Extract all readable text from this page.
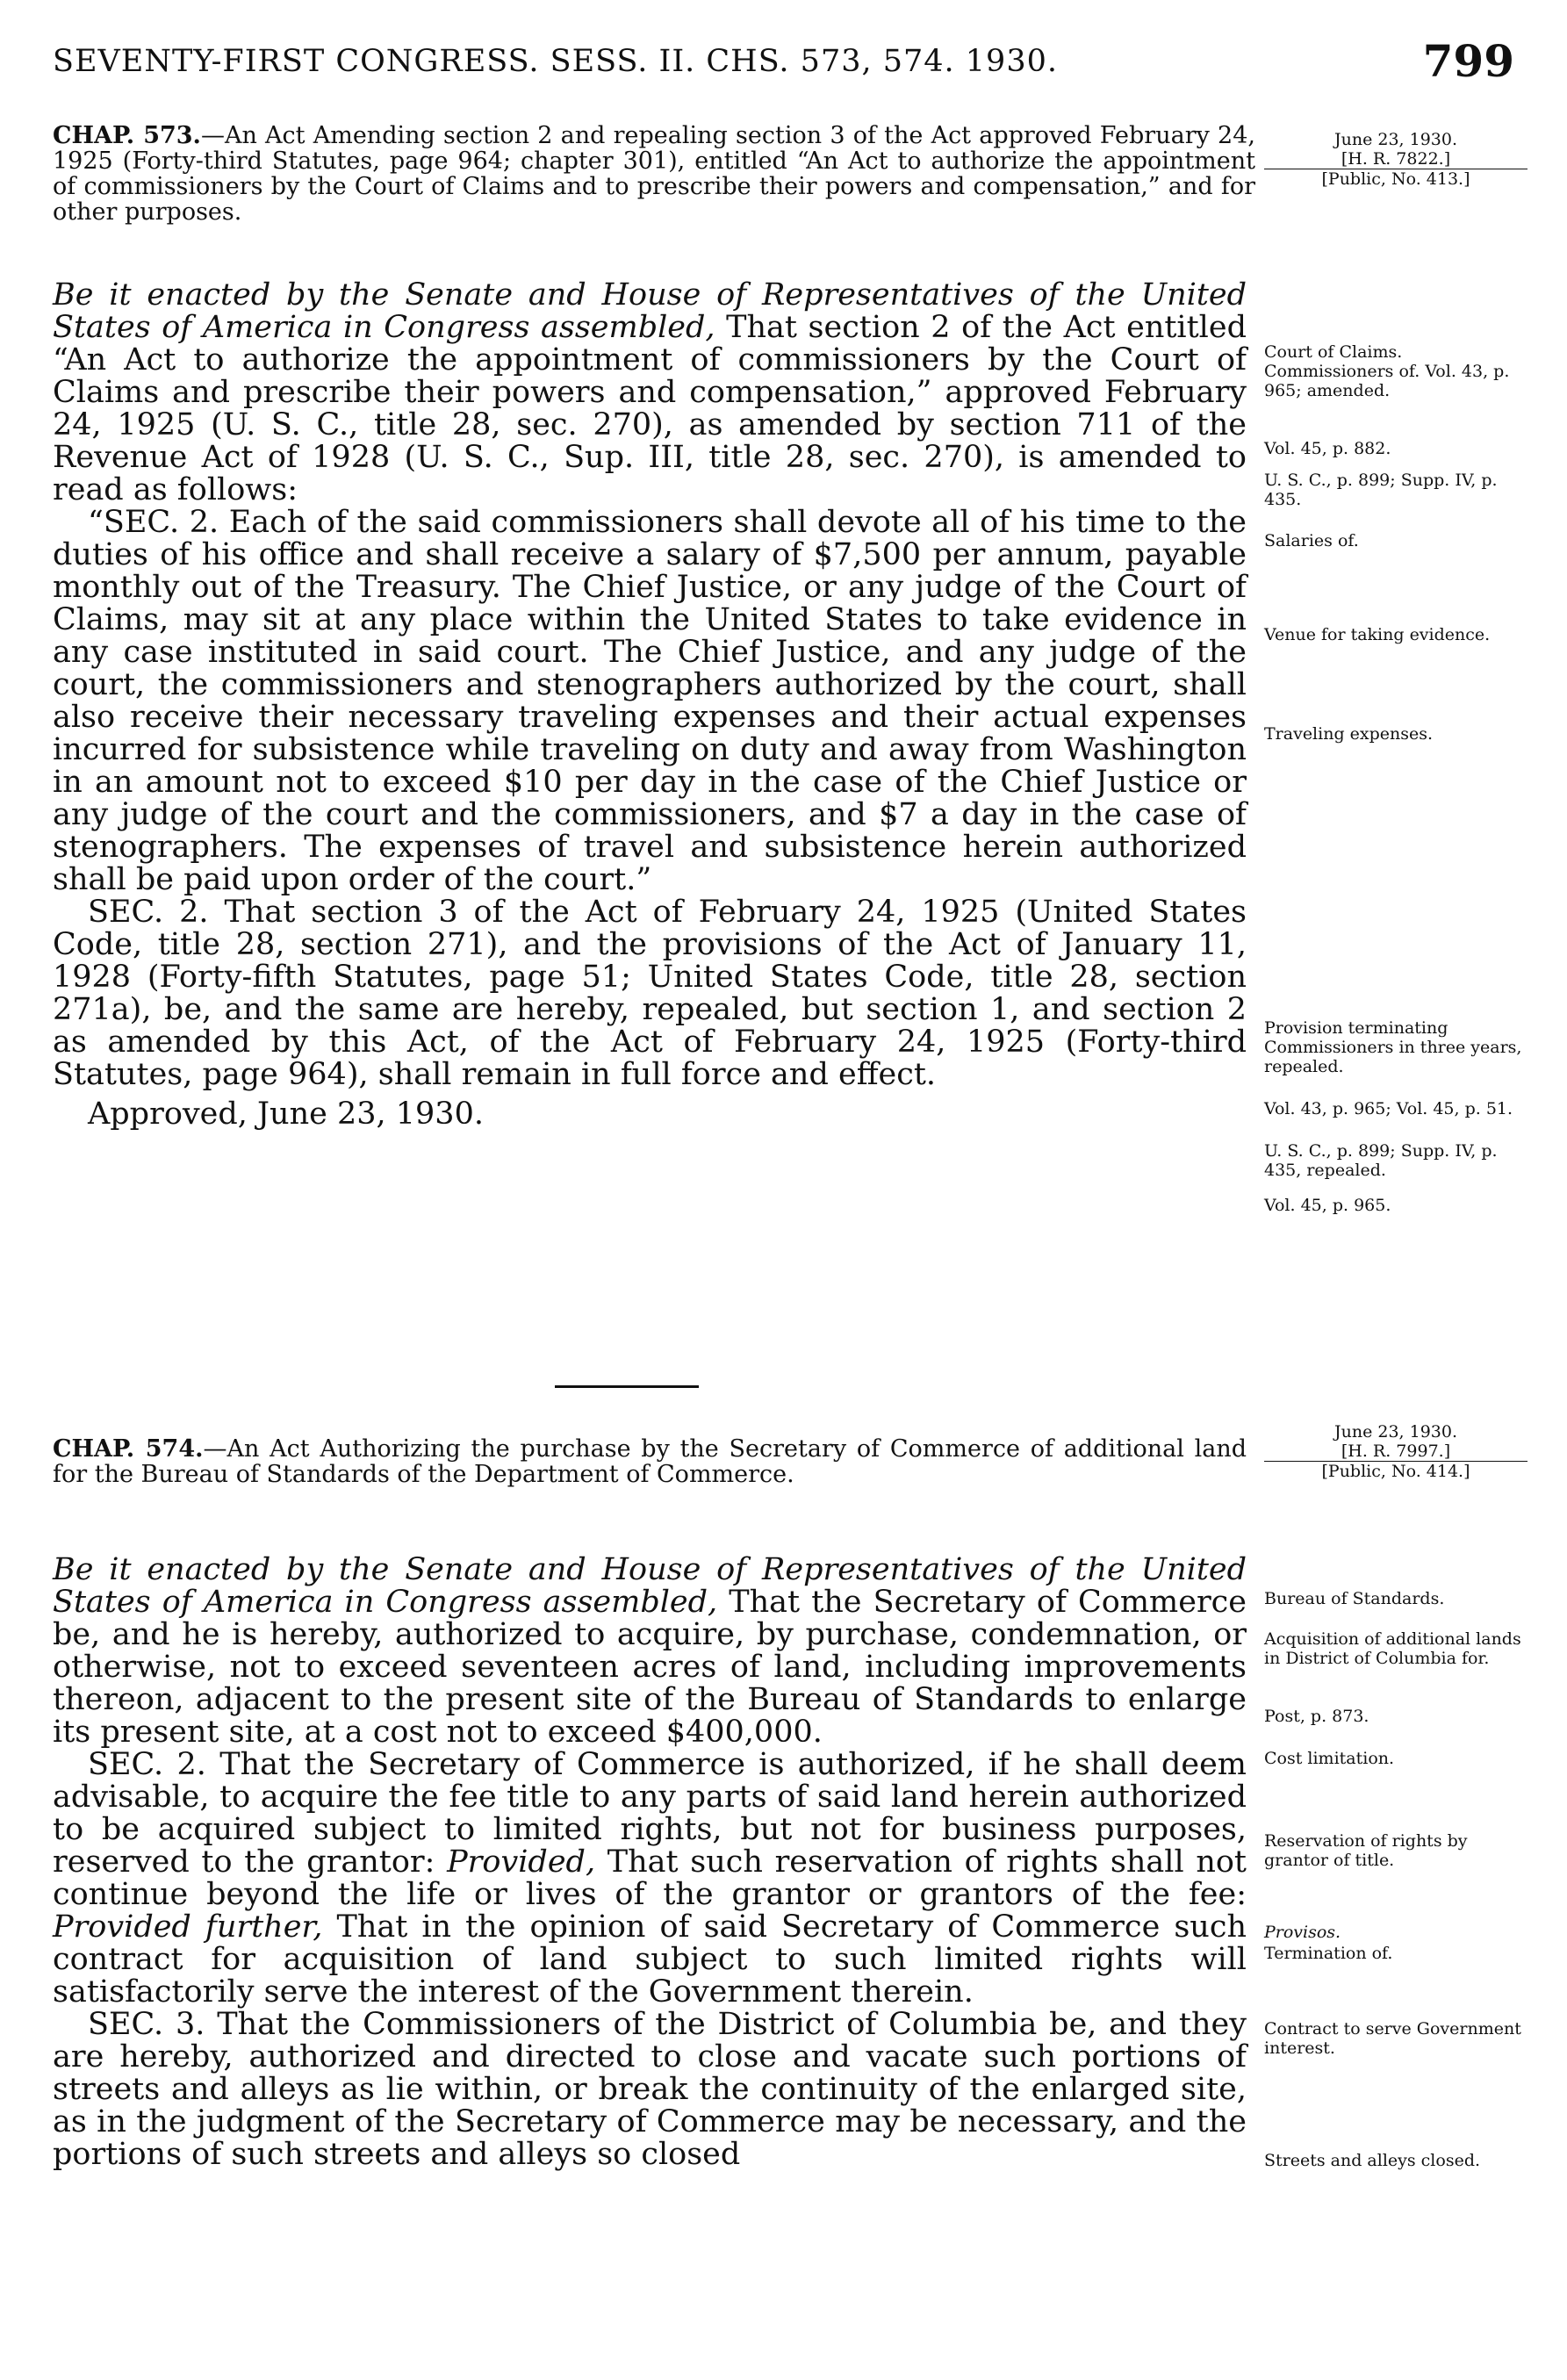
SEVENTY-FIRST CONGRESS. SESS. II. CHS. 573, 574. 1930.	799
CHAP. 573.—An Act Amending section 2 and repealing section 3 of the Act approved February 24, 1925 (Forty-third Statutes, page 964; chapter 301), entitled “An Act to authorize the appointment of commissioners by the Court of Claims and to prescribe their powers and compensation,” and for other purposes.
June 23, 1930.
[H. R. 7822.]
[Public, No. 413.]

Be it enacted by the Senate and House of Representatives of the United States of America in Congress assembled, That section 2 of the Act entitled “An Act to authorize the appointment of commissioners by the Court of Claims and prescribe their powers and compensation,” approved February 24, 1925 (U. S. C., title 28, sec. 270), as amended by section 711 of the Revenue Act of 1928 (U. S. C., Sup. III, title 28, sec. 270), is amended to read as follows:

“SEC. 2. Each of the said commissioners shall devote all of his time to the duties of his office and shall receive a salary of $7,500 per annum, payable monthly out of the Treasury. The Chief Justice, or any judge of the Court of Claims, may sit at any place within the United States to take evidence in any case instituted in said court. The Chief Justice, and any judge of the court, the commissioners and stenographers authorized by the court, shall also receive their necessary traveling expenses and their actual expenses incurred for subsistence while traveling on duty and away from Washington in an amount not to exceed $10 per day in the case of the Chief Justice or any judge of the court and the commissioners, and $7 a day in the case of stenographers. The expenses of travel and subsistence herein authorized shall be paid upon order of the court.”

SEC. 2. That section 3 of the Act of February 24, 1925 (United States Code, title 28, section 271), and the provisions of the Act of January 11, 1928 (Forty-fifth Statutes, page 51; United States Code, title 28, section 271a), be, and the same are hereby, repealed, but section 1, and section 2 as amended by this Act, of the Act of February 24, 1925 (Forty-third Statutes, page 964), shall remain in full force and effect.

Approved, June 23, 1930.

Court of Claims.
Commissioners of. Vol. 43, p. 965; amended.
Vol. 45, p. 882.
U. S. C., p. 899; Supp. IV, p. 435.
Salaries of.
Venue for taking evidence.
Traveling expenses.
Provision terminating Commissioners in three years, repealed.
Vol. 43, p. 965; Vol. 45, p. 51.
U. S. C., p. 899; Supp. IV, p. 435, repealed.
Vol. 45, p. 965.
CHAP. 574.—An Act Authorizing the purchase by the Secretary of Commerce of additional land for the Bureau of Standards of the Department of Commerce.
June 23, 1930.
[H. R. 7997.]
[Public, No. 414.]

Be it enacted by the Senate and House of Representatives of the United States of America in Congress assembled, That the Secretary of Commerce be, and he is hereby, authorized to acquire, by purchase, condemnation, or otherwise, not to exceed seventeen acres of land, including improvements thereon, adjacent to the present site of the Bureau of Standards to enlarge its present site, at a cost not to exceed $400,000.

SEC. 2. That the Secretary of Commerce is authorized, if he shall deem advisable, to acquire the fee title to any parts of said land herein authorized to be acquired subject to limited rights, but not for business purposes, reserved to the grantor: Provided, That such reservation of rights shall not continue beyond the life or lives of the grantor or grantors of the fee: Provided further, That in the opinion of said Secretary of Commerce such contract for acquisition of land subject to such limited rights will satisfactorily serve the interest of the Government therein.

SEC. 3. That the Commissioners of the District of Columbia be, and they are hereby, authorized and directed to close and vacate such portions of streets and alleys as lie within, or break the continuity of the enlarged site, as in the judgment of the Secretary of Commerce may be necessary, and the portions of such streets and alleys so closed

Bureau of Standards.
Acquisition of additional lands in District of Columbia for.
Post, p. 873.
Cost limitation.
Reservation of rights by grantor of title.
Provisos.
Termination of.
Contract to serve Government interest.
Streets and alleys closed.
